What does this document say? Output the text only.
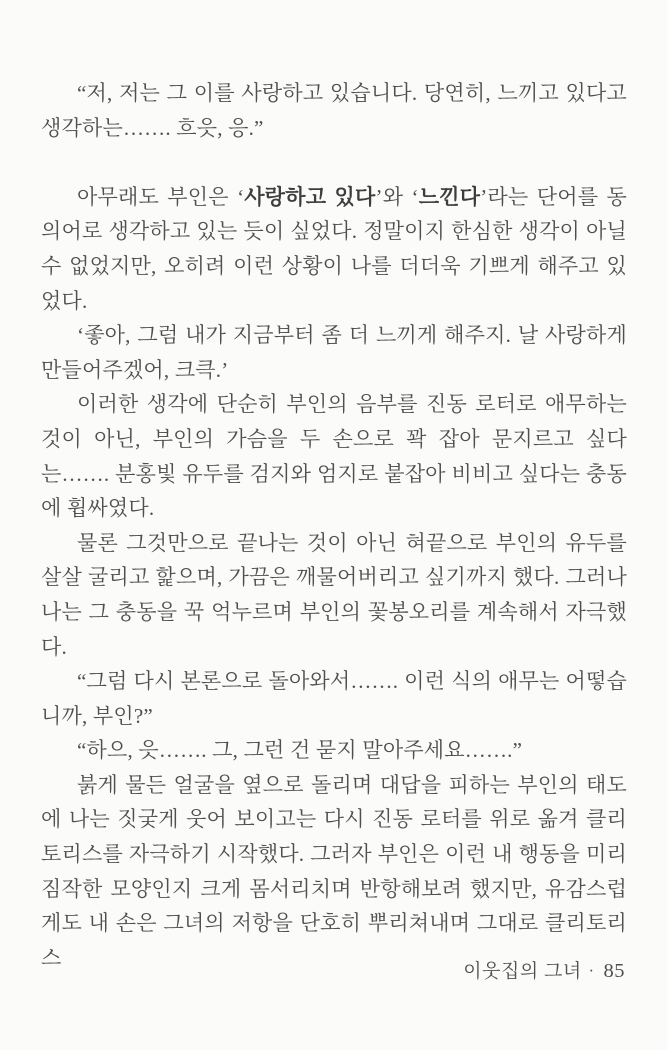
“저, 저는 그 이를 사랑하고 있습니다. 당연히, 느끼고 있다고 생각하는……. 흐읏, 응.”

아무래도 부인은 ‘사랑하고 있다’와 ‘느낀다’라는 단어를 동의어로 생각하고 있는 듯이 싶었다. 정말이지 한심한 생각이 아닐 수 없었지만, 오히려 이런 상황이 나를 더더욱 기쁘게 해주고 있었다.

‘좋아, 그럼 내가 지금부터 좀 더 느끼게 해주지. 날 사랑하게 만들어주겠어, 크큭.’

이러한 생각에 단순히 부인의 음부를 진동 로터로 애무하는 것이 아닌, 부인의 가슴을 두 손으로 꽉 잡아 문지르고 싶다는……. 분홍빛 유두를 검지와 엄지로 붙잡아 비비고 싶다는 충동에 휩싸였다.

물론 그것만으로 끝나는 것이 아닌 혀끝으로 부인의 유두를 살살 굴리고 핥으며, 가끔은 깨물어버리고 싶기까지 했다. 그러나 나는 그 충동을 꾹 억누르며 부인의 꽃봉오리를 계속해서 자극했다.

“그럼 다시 본론으로 돌아와서……. 이런 식의 애무는 어떻습니까, 부인?”

“하으, 읏……. 그, 그런 건 묻지 말아주세요…….”

붉게 물든 얼굴을 옆으로 돌리며 대답을 피하는 부인의 태도에 나는 짓궂게 웃어 보이고는 다시 진동 로터를 위로 옮겨 클리토리스를 자극하기 시작했다. 그러자 부인은 이런 내 행동을 미리 짐작한 모양인지 크게 몸서리치며 반항해보려 했지만, 유감스럽게도 내 손은 그녀의 저항을 단호히 뿌리쳐내며 그대로 클리토리스

이웃집의 그녀 · 85
